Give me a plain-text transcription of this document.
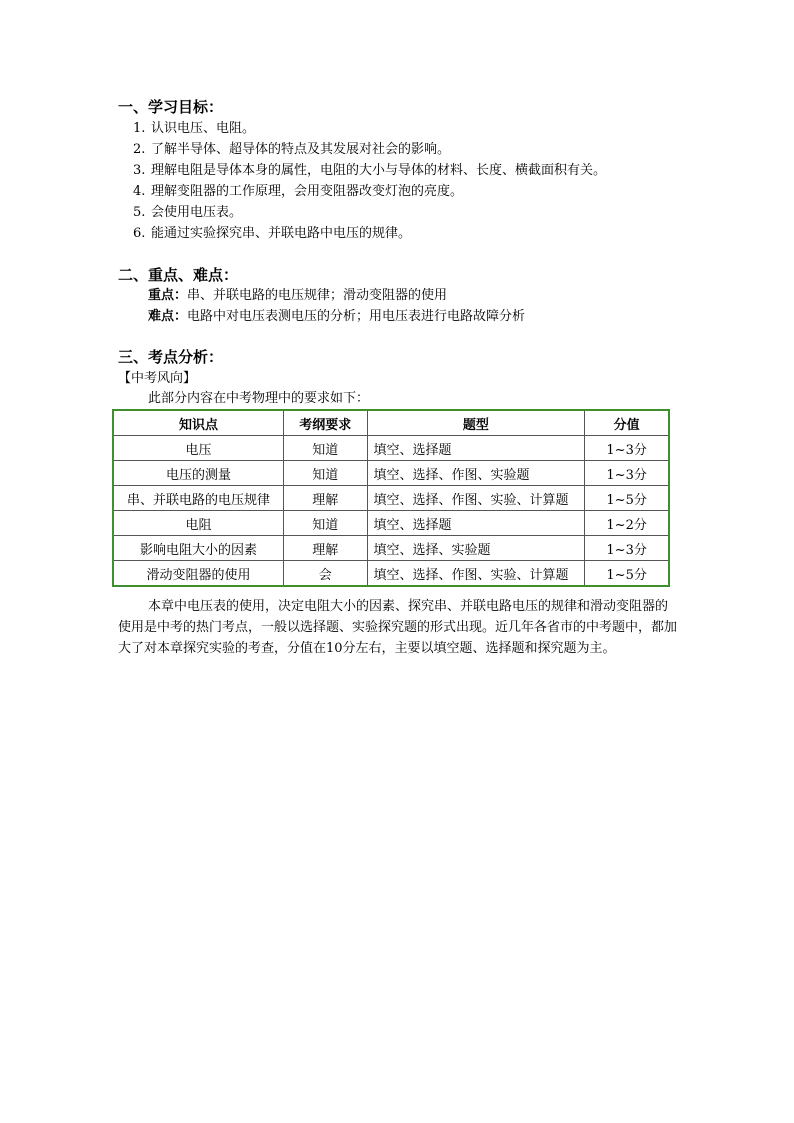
一、学习目标：
1. 认识电压、电阻。
2. 了解半导体、超导体的特点及其发展对社会的影响。
3. 理解电阻是导体本身的属性，电阻的大小与导体的材料、长度、横截面积有关。
4. 理解变阻器的工作原理，会用变阻器改变灯泡的亮度。
5. 会使用电压表。
6. 能通过实验探究串、并联电路中电压的规律。
二、重点、难点：
重点：串、并联电路的电压规律；滑动变阻器的使用
难点：电路中对电压表测电压的分析；用电压表进行电路故障分析
三、考点分析：
【中考风向】
此部分内容在中考物理中的要求如下：
知识点	考纲要求	题型	分值
电压	知道	填空、选择题	1~3分
电压的测量	知道	填空、选择、作图、实验题	1~3分
串、并联电路的电压规律	理解	填空、选择、作图、实验、计算题	1~5分
电阻	知道	填空、选择题	1~2分
影响电阻大小的因素	理解	填空、选择、实验题	1~3分
滑动变阻器的使用	会	填空、选择、作图、实验、计算题	1~5分

本章中电压表的使用，决定电阻大小的因素、探究串、并联电路电压的规律和滑动变阻器的使用是中考的热门考点，一般以选择题、实验探究题的形式出现。近几年各省市的中考题中，都加大了对本章探究实验的考查，分值在10分左右，主要以填空题、选择题和探究题为主。
